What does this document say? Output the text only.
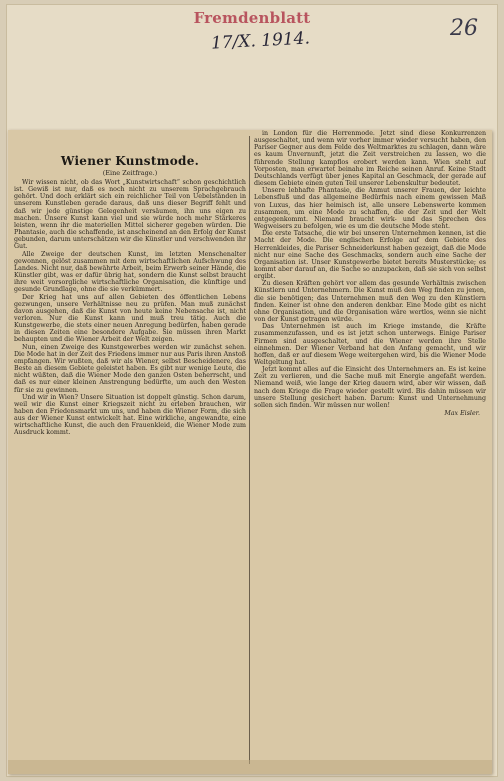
Fremdenblatt
17/X. 1914.	26
Wiener Kunstmode.
(Eine Zeitfrage.)

Wir wissen nicht, ob das Wort „Kunstwirtschaft“ schon geschichtlich ist. Gewiß ist nur, daß es noch nicht zu unserem Sprachgebrauch gehört. Und doch erklärt sich ein reichlicher Teil von Uebelständen in unserem Kunstleben gerade daraus, daß uns dieser Begriff fehlt und daß wir jede günstige Gelegenheit versäumen, ihn uns eigen zu machen. Unsere Kunst kann viel und sie würde noch mehr Stärkeres leisten, wenn ihr die materiellen Mittel sicherer gegeben würden. Die Phantasie, auch die schaffende, ist anscheinend an den Erfolg der Kunst gebunden, darum unterschätzen wir die Künstler und verschwenden ihr Gut.

Alle Zweige der deutschen Kunst, im letzten Menschenalter gewonnen, gelöst zusammen mit dem wirtschaftlichen Aufschwung des Landes. Nicht nur, daß bewährte Arbeit, beim Erwerb seiner Hände, die Künstler gibt, was er dafür übrig hat, sondern die Kunst selbst braucht ihre weit vorsorgliche wirtschaftliche Organisation, die künftige und gesunde Grundlage, ohne die sie verkümmert.

Der Krieg hat uns auf allen Gebieten des öffentlichen Lebens gezwungen, unsere Verhältnisse neu zu prüfen. Man muß zunächst davon ausgehen, daß die Kunst von heute keine Nebensache ist, nicht verloren. Nur die Kunst kann und muß treu tätig. Auch die Kunstgewerbe, die stets einer neuen Anregung bedürfen, haben gerade in diesen Zeiten eine besondere Aufgabe. Sie müssen ihren Markt behaupten und die Wiener Arbeit der Welt zeigen.

Nun, einen Zweige des Kunstgewerbes werden wir zunächst sehen. Die Mode hat in der Zeit des Friedens immer nur aus Paris ihren Anstoß empfangen. Wir wußten, daß wir als Wiener, selbst Bescheidenere, das Beste an diesem Gebiete geleistet haben. Es gibt nur wenige Leute, die nicht wüßten, daß die Wiener Mode den ganzen Osten beherrscht, und daß es nur einer kleinen Anstrengung bedürfte, um auch den Westen für sie zu gewinnen.

Und wir in Wien? Unsere Situation ist doppelt günstig. Schon darum, weil wir die Kunst einer Kriegszeit nicht zu erleben brauchen, wir haben den Friedensmarkt um uns, und haben die Wiener Form, die sich aus der Wiener Kunst entwickelt hat. Eine wirkliche, angewandte, eine wirtschaftliche Kunst, die auch den Frauenkleid, die Wiener Mode zum Ausdruck kommt.

in London für die Herrenmode. Jetzt sind diese Konkurrenzen ausgeschaltet, und wenn wir vorher immer wieder versucht haben, den Pariser Gegner aus dem Felde des Weltmarktes zu schlagen, dann wäre es kaum Unvernunft, jetzt die Zeit verstreichen zu lassen, wo die führende Stellung kampflos erobert werden kann. Wien steht auf Vorposten, man erwartet beinahe im Reiche seinen Anruf. Keine Stadt Deutschlands verfügt über jenes Kapital an Geschmack, der gerade auf diesem Gebiete einen guten Teil unserer Lebenskultur bedeutet.

Unsere lebhafte Phantasie, die Anmut unserer Frauen, der leichte Lebensfluß und das allgemeine Bedürfnis nach einem gewissen Maß von Luxus, das hier heimisch ist, alle unsere Lebenswerte kommen zusammen, um eine Mode zu schaffen, die der Zeit und der Welt entgegenkommt. Niemand braucht wirk- und das Sprechen des Wegweisers zu befolgen, wie es um die deutsche Mode steht.

Die erste Tatsache, die wir bei unseren Unternehmen kennen, ist die Macht der Mode. Die englischen Erfolge auf dem Gebiete des Herrenkleides, die Pariser Schneiderkunst haben gezeigt, daß die Mode nicht nur eine Sache des Geschmacks, sondern auch eine Sache der Organisation ist. Unser Kunstgewerbe bietet bereits Musterstücke; es kommt aber darauf an, die Sache so anzupacken, daß sie sich von selbst ergibt.

Zu diesen Kräften gehört vor allem das gesunde Verhältnis zwischen Künstlern und Unternehmern. Die Kunst muß den Weg finden zu jenen, die sie benötigen; das Unternehmen muß den Weg zu den Künstlern finden. Keiner ist ohne den anderen denkbar. Eine Mode gibt es nicht ohne Organisation, und die Organisation wäre wertlos, wenn sie nicht von der Kunst getragen würde.

Das Unternehmen ist auch im Kriege imstande, die Kräfte zusammenzufassen, und es ist jetzt schon unterwegs. Einige Pariser Firmen sind ausgeschaltet, und die Wiener werden ihre Stelle einnehmen. Der Wiener Verband hat den Anfang gemacht, und wir hoffen, daß er auf diesem Wege weitergehen wird, bis die Wiener Mode Weltgeltung hat.

Jetzt kommt alles auf die Einsicht des Unternehmers an. Es ist keine Zeit zu verlieren, und die Sache muß mit Energie angefaßt werden. Niemand weiß, wie lange der Krieg dauern wird, aber wir wissen, daß nach dem Kriege die Frage wieder gestellt wird. Bis dahin müssen wir unsere Stellung gesichert haben. Darum: Kunst und Unternehmung sollen sich finden. Wir müssen nur wollen!

Max Eisler.
